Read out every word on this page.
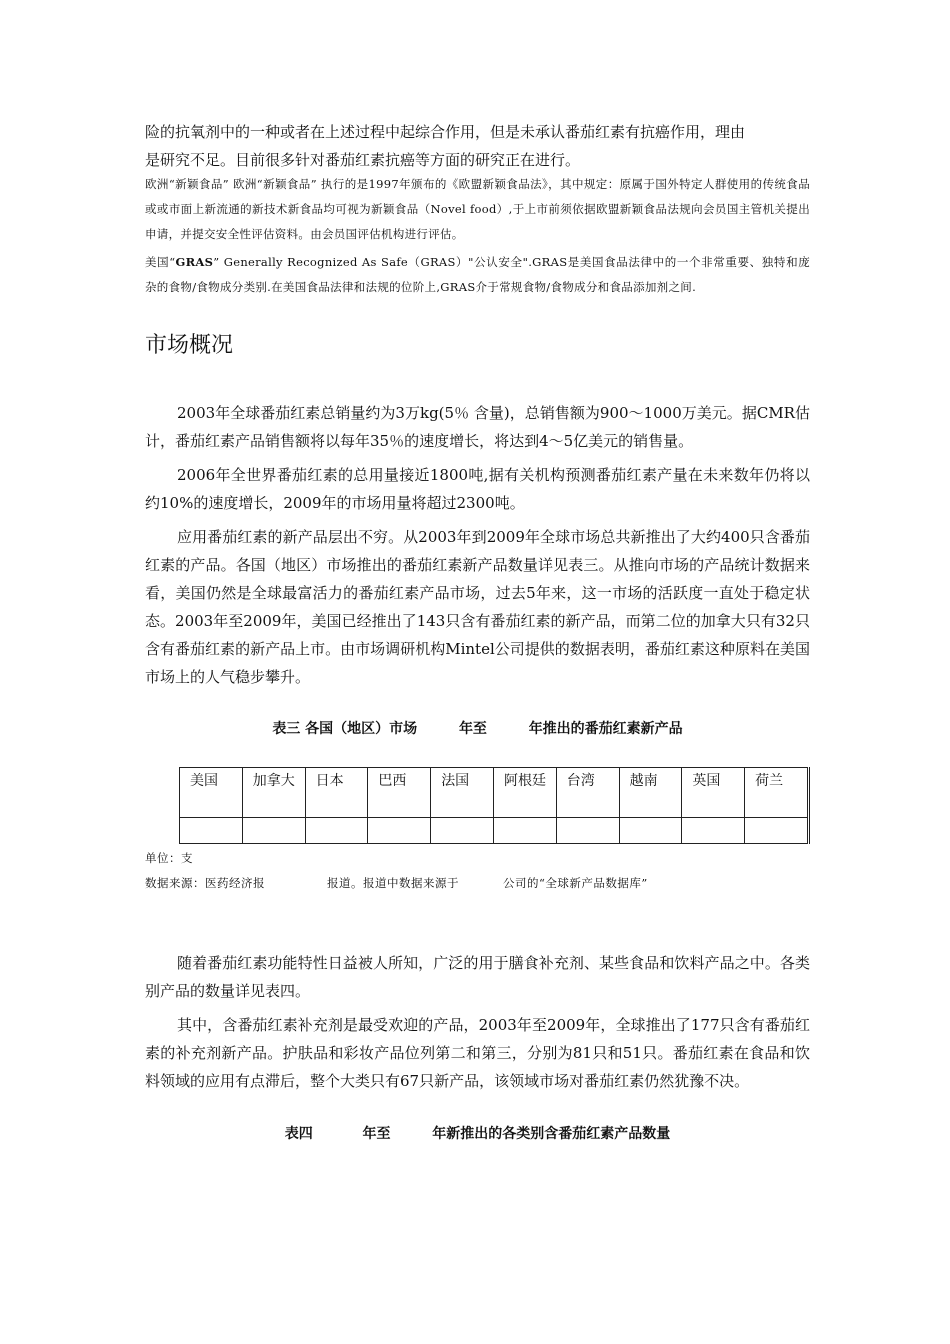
险的抗氧剂中的一种或者在上述过程中起综合作用，但是未承认番茄红素有抗癌作用，理由

是研究不足。目前很多针对番茄红素抗癌等方面的研究正在进行。

欧洲“新颖食品” 欧洲“新颖食品” 执行的是1997年颁布的《欧盟新颖食品法》，其中规定：原属于国外特定人群使用的传统食品或或市面上新流通的新技术新食品均可视为新颖食品（Novel food）,于上市前须依据欧盟新颖食品法规向会员国主管机关提出申请，并提交安全性评估资料。由会员国评估机构进行评估。

美国“GRAS” Generally Recognized As Safe（GRAS）"公认安全".GRAS是美国食品法律中的一个非常重要、独特和庞杂的食物/食物成分类别.在美国食品法律和法规的位阶上,GRAS介于常规食物/食物成分和食品添加剂之间.

市场概况

2003年全球番茄红素总销量约为3万kg(5％ 含量)，总销售额为900～1000万美元。据CMR估计，番茄红素产品销售额将以每年35％的速度增长，将达到4～5亿美元的销售量。

2006年全世界番茄红素的总用量接近1800吨,据有关机构预测番茄红素产量在未来数年仍将以约10%的速度增长，2009年的市场用量将超过2300吨。

应用番茄红素的新产品层出不穷。从2003年到2009年全球市场总共新推出了大约400只含番茄红素的产品。各国（地区）市场推出的番茄红素新产品数量详见表三。从推向市场的产品统计数据来看，美国仍然是全球最富活力的番茄红素产品市场，过去5年来，这一市场的活跃度一直处于稳定状态。2003年至2009年，美国已经推出了143只含有番茄红素的新产品，而第二位的加拿大只有32只含有番茄红素的新产品上市。由市场调研机构Mintel公司提供的数据表明，番茄红素这种原料在美国市场上的人气稳步攀升。

表三 各国（地区）市场	年至	年推出的番茄红素新产品
美国	加拿大	日本	巴西	法国	阿根廷	台湾	越南	英国	荷兰

单位：支

数据来源：医药经济报	报道。报道中数据来源于	公司的“全球新产品数据库”

随着番茄红素功能特性日益被人所知，广泛的用于膳食补充剂、某些食品和饮料产品之中。各类别产品的数量详见表四。

其中，含番茄红素补充剂是最受欢迎的产品，2003年至2009年，全球推出了177只含有番茄红素的补充剂新产品。护肤品和彩妆产品位列第二和第三，分别为81只和51只。番茄红素在食品和饮料领域的应用有点滞后，整个大类只有67只新产品，该领域市场对番茄红素仍然犹豫不决。

表四	年至	年新推出的各类别含番茄红素产品数量
